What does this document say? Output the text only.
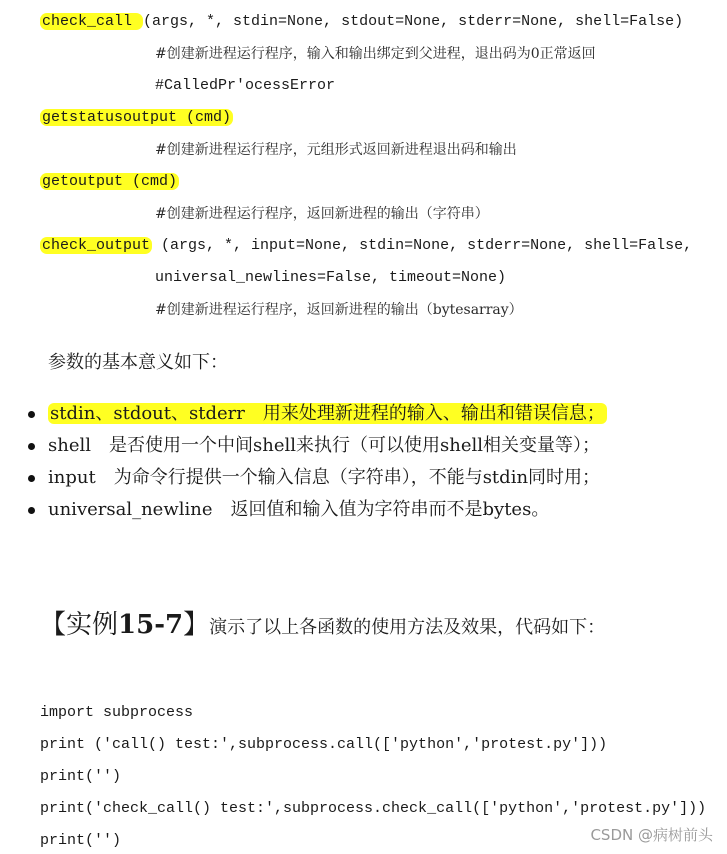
check_call (args, *, stdin=None, stdout=None, stderr=None, shell=False)
#创建新进程运行程序，输入和输出绑定到父进程，退出码为0正常返回
#CalledPr'ocessError
getstatusoutput (cmd)
#创建新进程运行程序，元组形式返回新进程退出码和输出
getoutput (cmd)
#创建新进程运行程序，返回新进程的输出（字符串）
check_output (args, *, input=None, stdin=None, stderr=None, shell=False,
universal_newlines=False, timeout=None)
#创建新进程运行程序，返回新进程的输出（bytesarray）
参数的基本意义如下：
stdin、stdout、stderr　用来处理新进程的输入、输出和错误信息；
shell　是否使用一个中间shell来执行（可以使用shell相关变量等）；
input　为命令行提供一个输入信息（字符串），不能与stdin同时用；
universal_newline　返回值和输入值为字符串而不是bytes。
【实例15-7】演示了以上各函数的使用方法及效果，代码如下：
import subprocess
print ('call() test:',subprocess.call(['python','protest.py']))
print('')
print('check_call() test:',subprocess.check_call(['python','protest.py']))
print('')	CSDN @病树前头
